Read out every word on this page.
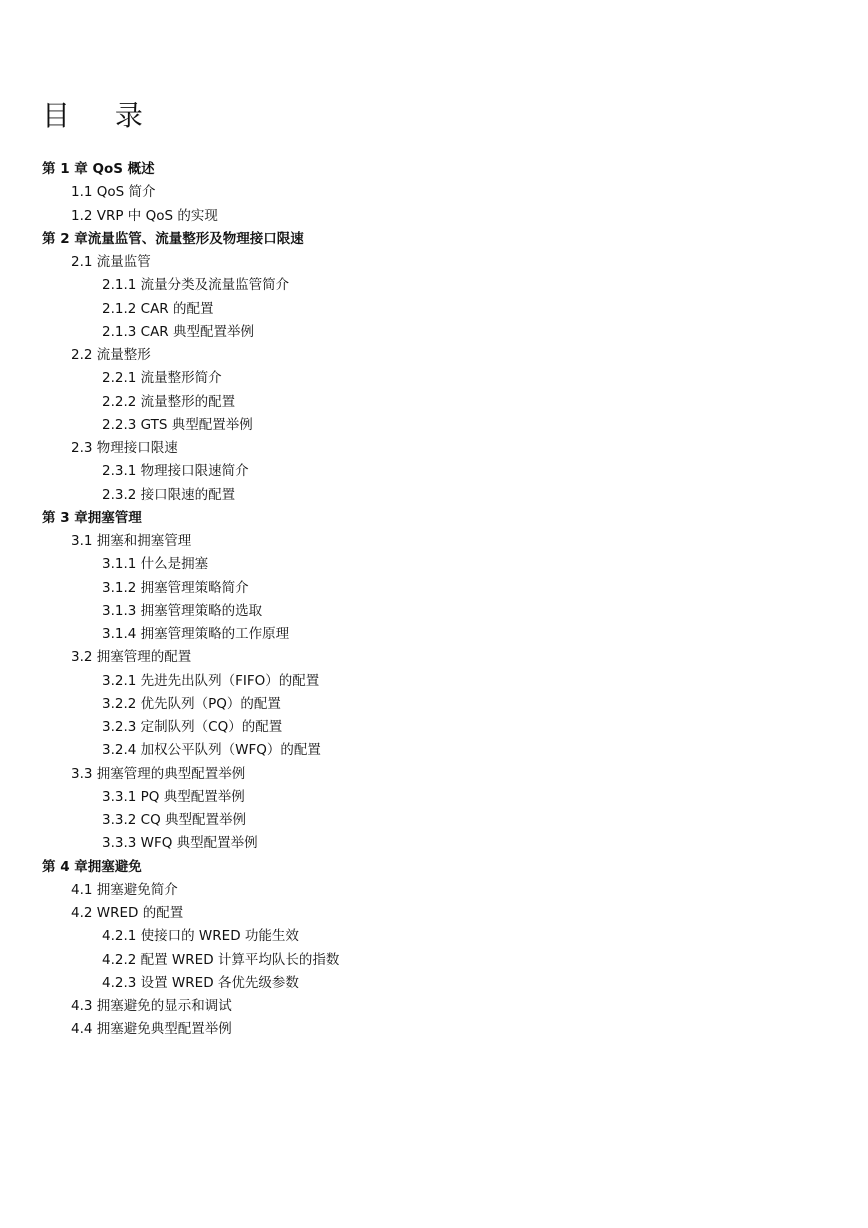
目 录
第 1 章 QoS 概述
1.1 QoS 简介
1.2 VRP 中 QoS 的实现
第 2 章流量监管、流量整形及物理接口限速
2.1 流量监管
2.1.1 流量分类及流量监管简介
2.1.2 CAR 的配置
2.1.3 CAR 典型配置举例
2.2 流量整形
2.2.1 流量整形简介
2.2.2 流量整形的配置
2.2.3 GTS 典型配置举例
2.3 物理接口限速
2.3.1 物理接口限速简介
2.3.2 接口限速的配置
第 3 章拥塞管理
3.1 拥塞和拥塞管理
3.1.1 什么是拥塞
3.1.2 拥塞管理策略简介
3.1.3 拥塞管理策略的选取
3.1.4 拥塞管理策略的工作原理
3.2 拥塞管理的配置
3.2.1 先进先出队列（FIFO）的配置
3.2.2 优先队列（PQ）的配置
3.2.3 定制队列（CQ）的配置
3.2.4 加权公平队列（WFQ）的配置
3.3 拥塞管理的典型配置举例
3.3.1 PQ 典型配置举例
3.3.2 CQ 典型配置举例
3.3.3 WFQ 典型配置举例
第 4 章拥塞避免
4.1 拥塞避免简介
4.2 WRED 的配置
4.2.1 使接口的 WRED 功能生效
4.2.2 配置 WRED 计算平均队长的指数
4.2.3 设置 WRED 各优先级参数
4.3 拥塞避免的显示和调试
4.4 拥塞避免典型配置举例
